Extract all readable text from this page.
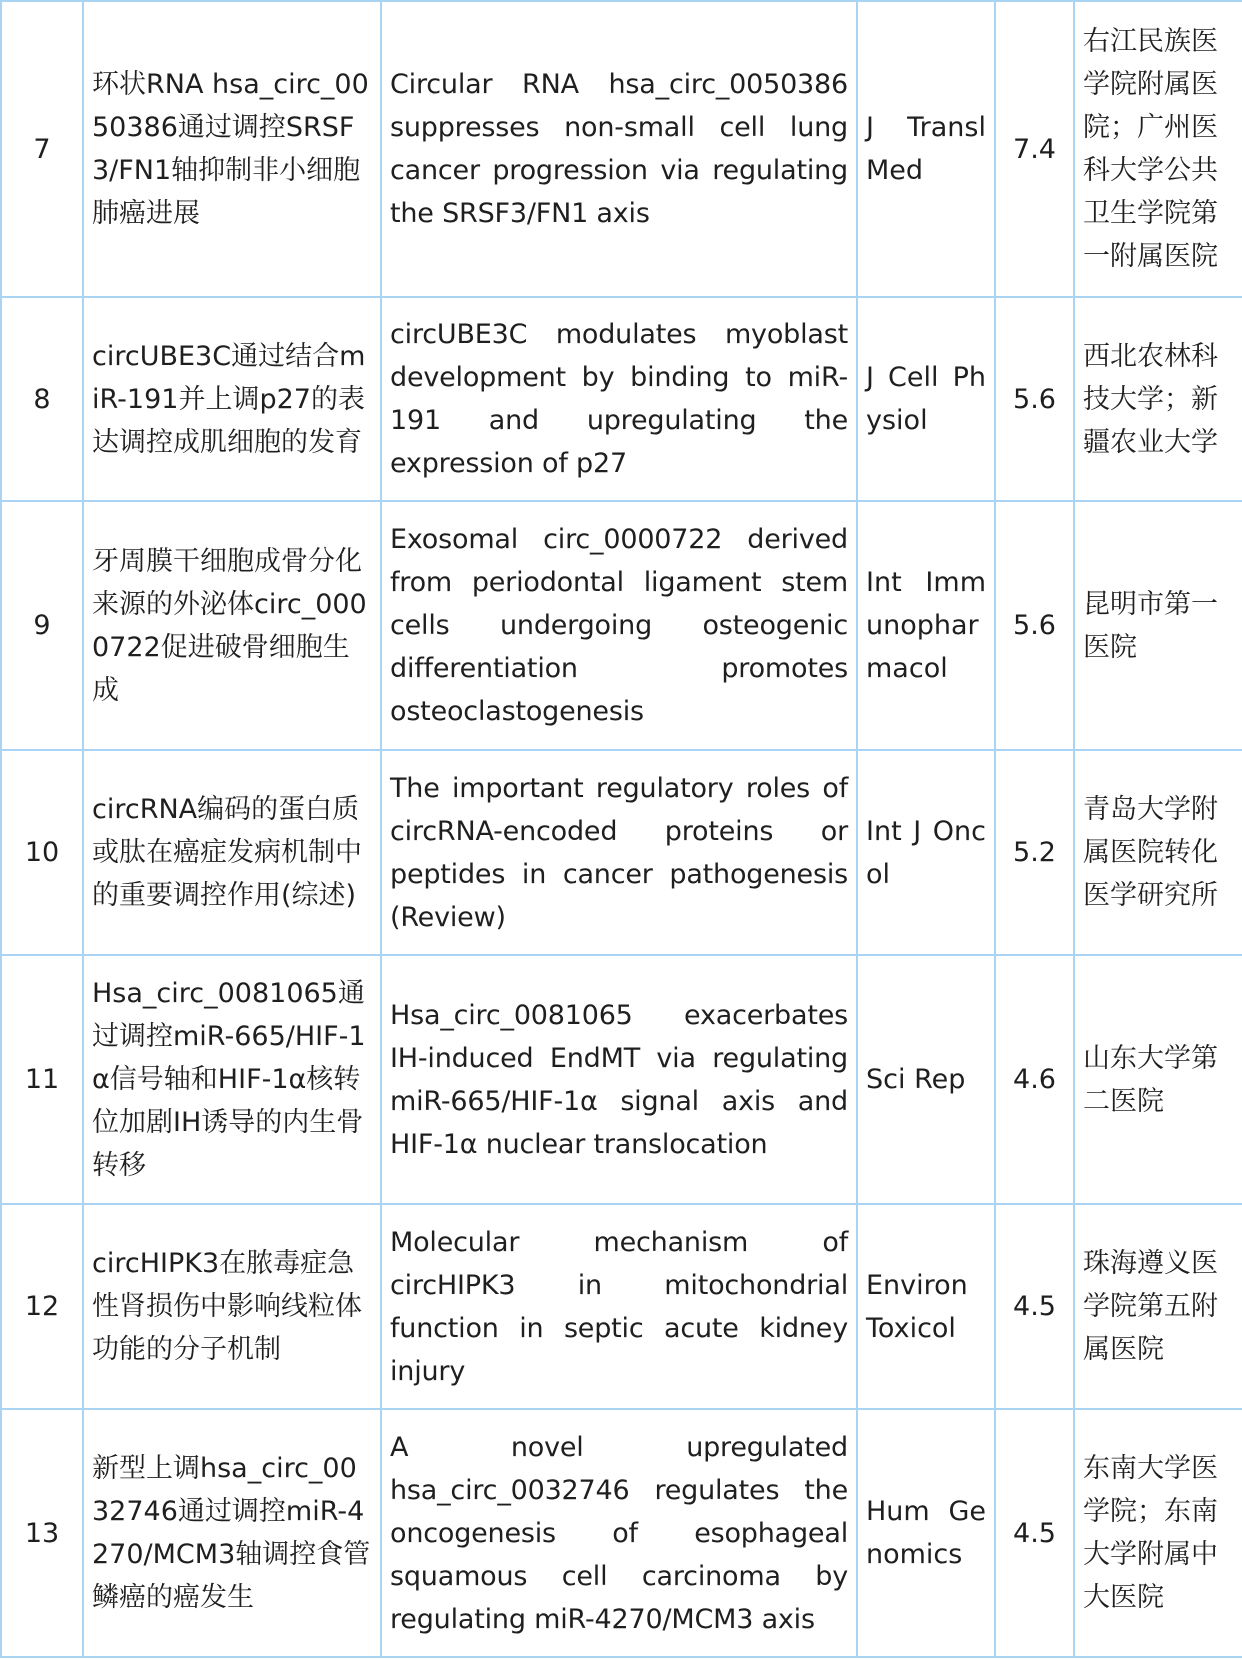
7	环状RNA hsa_circ_0050386通过调控SRSF3/FN1轴抑制非小细胞肺癌进展	Circular RNA hsa_circ_0050386 suppresses non-small cell lung cancer progression via regulating the SRSF3/FN1 axis	J Transl Med	7.4	右江民族医学院附属医院；广州医科大学公共卫生学院第一附属医院
8	circUBE3C通过结合miR-191并上调p27的表达调控成肌细胞的发育	circUBE3C modulates myoblast development by binding to miR-191 and upregulating the expression of p27	J Cell Physiol	5.6	西北农林科技大学；新疆农业大学
9	牙周膜干细胞成骨分化来源的外泌体circ_0000722促进破骨细胞生成	Exosomal circ_0000722 derived from periodontal ligament stem cells undergoing osteogenic differentiation promotes osteoclastogenesis	Int Immunopharmacol	5.6	昆明市第一医院
10	circRNA编码的蛋白质或肽在癌症发病机制中的重要调控作用(综述)	The important regulatory roles of circRNA-encoded proteins or peptides in cancer pathogenesis (Review)	Int J Oncol	5.2	青岛大学附属医院转化医学研究所
11	Hsa_circ_0081065通过调控miR-665/HIF-1α信号轴和HIF-1α核转位加剧IH诱导的内生骨转移	Hsa_circ_0081065 exacerbates IH-induced EndMT via regulating miR-665/HIF-1α signal axis and HIF-1α nuclear translocation	Sci Rep	4.6	山东大学第二医院
12	circHIPK3在脓毒症急性肾损伤中影响线粒体功能的分子机制	Molecular mechanism of circHIPK3 in mitochondrial function in septic acute kidney injury	Environ Toxicol	4.5	珠海遵义医学院第五附属医院
13	新型上调hsa_circ_0032746通过调控miR-4270/MCM3轴调控食管鳞癌的癌发生	A novel upregulated hsa_circ_0032746 regulates the oncogenesis of esophageal squamous cell carcinoma by regulating miR-4270/MCM3 axis	Hum Genomics	4.5	东南大学医学院；东南大学附属中大医院
